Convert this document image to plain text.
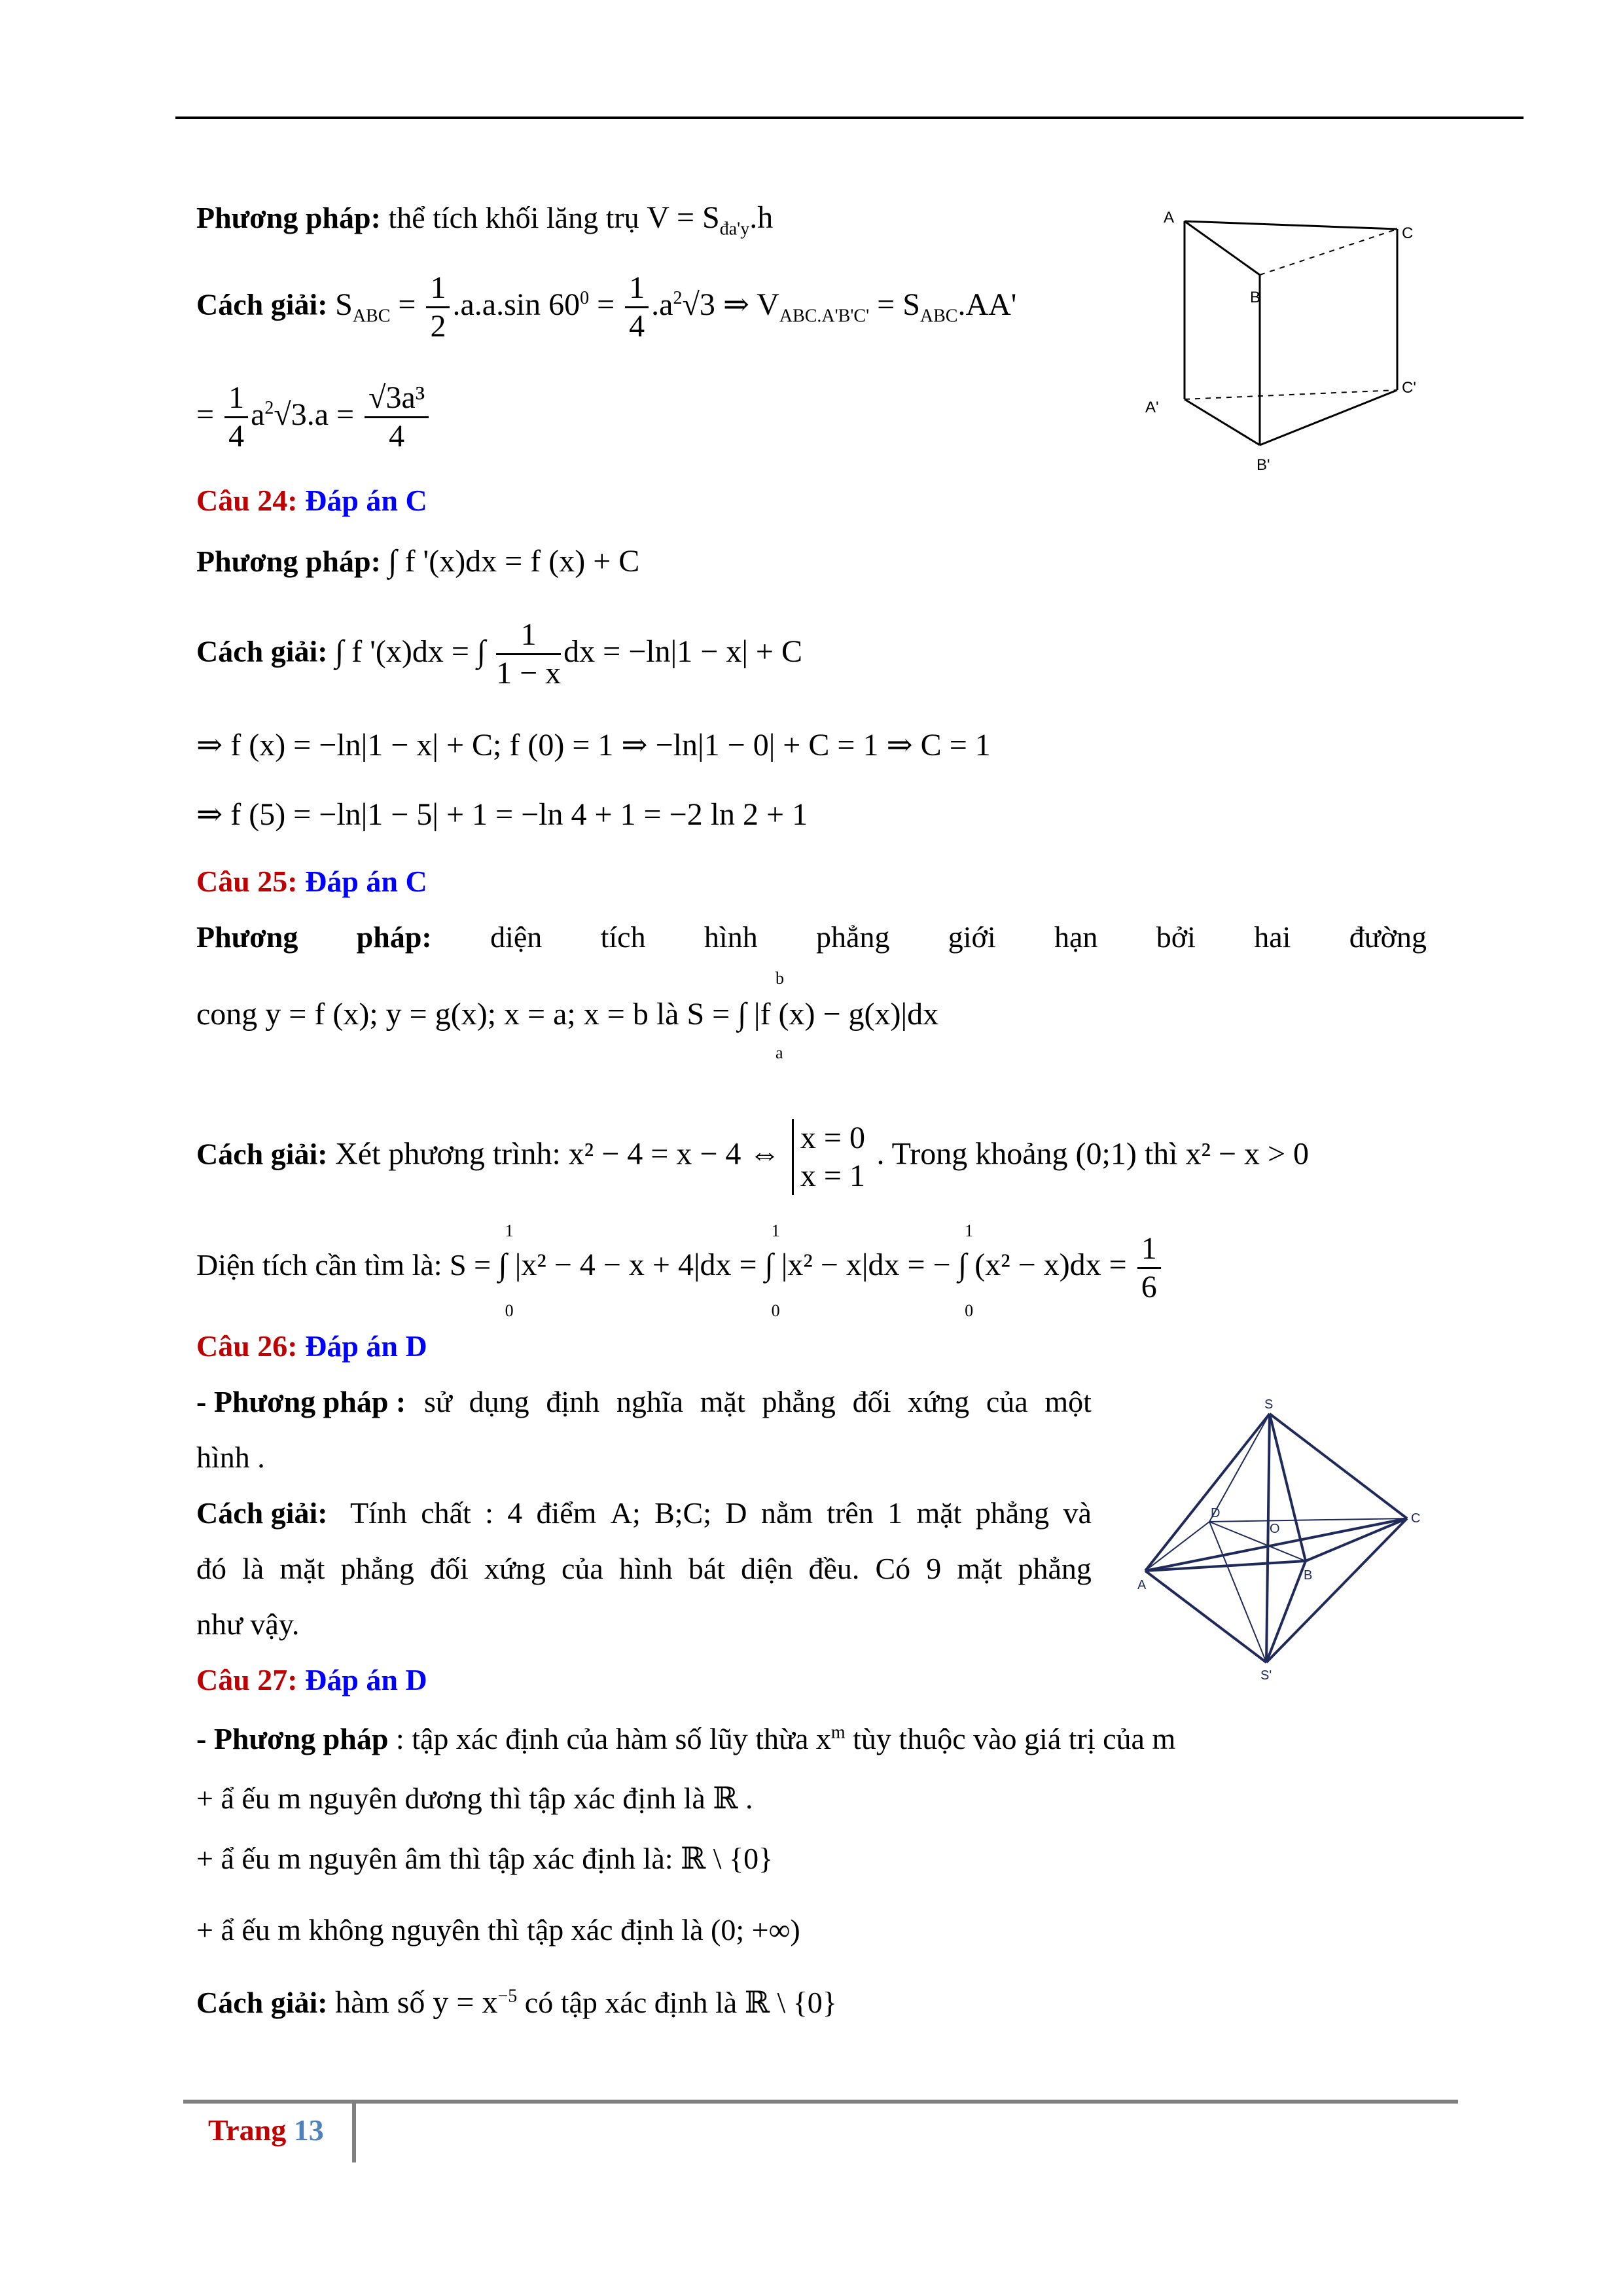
Phương pháp: thể tích khối lăng trụ $V = S_{đa'y}.h$
Cách giải: $S_{ABC} = \frac{1}{2} .a.a.\sin$ $60^0 = \frac{1}{4} .a^2√3$ ⇒ $V_{ABC.A'B'C'} = S_{ABC}.AA'$
= $\frac{1}{4} a^2√3.a = \frac{\text{√3a³}}{4}$
A
B
C
A'
B'
C'
Câu 24: Đáp án C
Phương pháp: ∫ f '(x)dx = f (x) + C
Cách giải: ∫ f '(x)dx = ∫ $\frac{1}{1 - x}$ dx = −ln|1 − x| + C
⇒ f (x) = −ln|1 − x| + C; f (0) = 1 ⇒ −ln|1 − 0| + C = 1 ⇒ C = 1
⇒ f (5) = −ln|1 − 5| + 1 = −ln 4 + 1 = −2 ln 2 + 1
Câu 25: Đáp án C
Phương pháp: diện tích hình phẳng giới hạn bởi hai đường
cong y = f (x); y = g(x); x = a; x = b là S = ∫
b
a
|f (x) − g(x)|dx
Cách giải: Xét phương trình: x² − 4 = x − 4 ⇔ x = 0
x = 1
. Trong khoảng (0;1) thì x² − x > 0
Diện tích cần tìm là: S =
1
0
∫ |x² − 4 − x + 4|dx =
1
0
∫ |x² − x|dx = −
1
0
∫ $(x^2 - x)dx = \frac{1}{6}$
Câu 26: Đáp án D
- Phương pháp : sử dụng định nghĩa mặt phẳng đối xứng của một
hình .
Cách giải: Tính chất : 4 điểm A; B;C; D nằm trên 1 mặt phẳng và
đó là mặt phẳng đối xứng của hình bát diện đều. Có 9 mặt phẳng
như vậy.
S
S'
A
B
C
D
O
Câu 27: Đáp án D
- Phương pháp : tập xác định của hàm số lũy thừa $x^m$ tùy thuộc vào giá trị của m
+ ẩ ếu m nguyên dương thì tập xác định là ℝ .
+ ẩ ếu m nguyên âm thì tập xác định là: ℝ \ {0}
+ ẩ ếu m không nguyên thì tập xác định là (0; +∞)
Cách giải: hàm số $y = x^{-5}$ có tập xác định là ℝ \ {0}
Trang 13
